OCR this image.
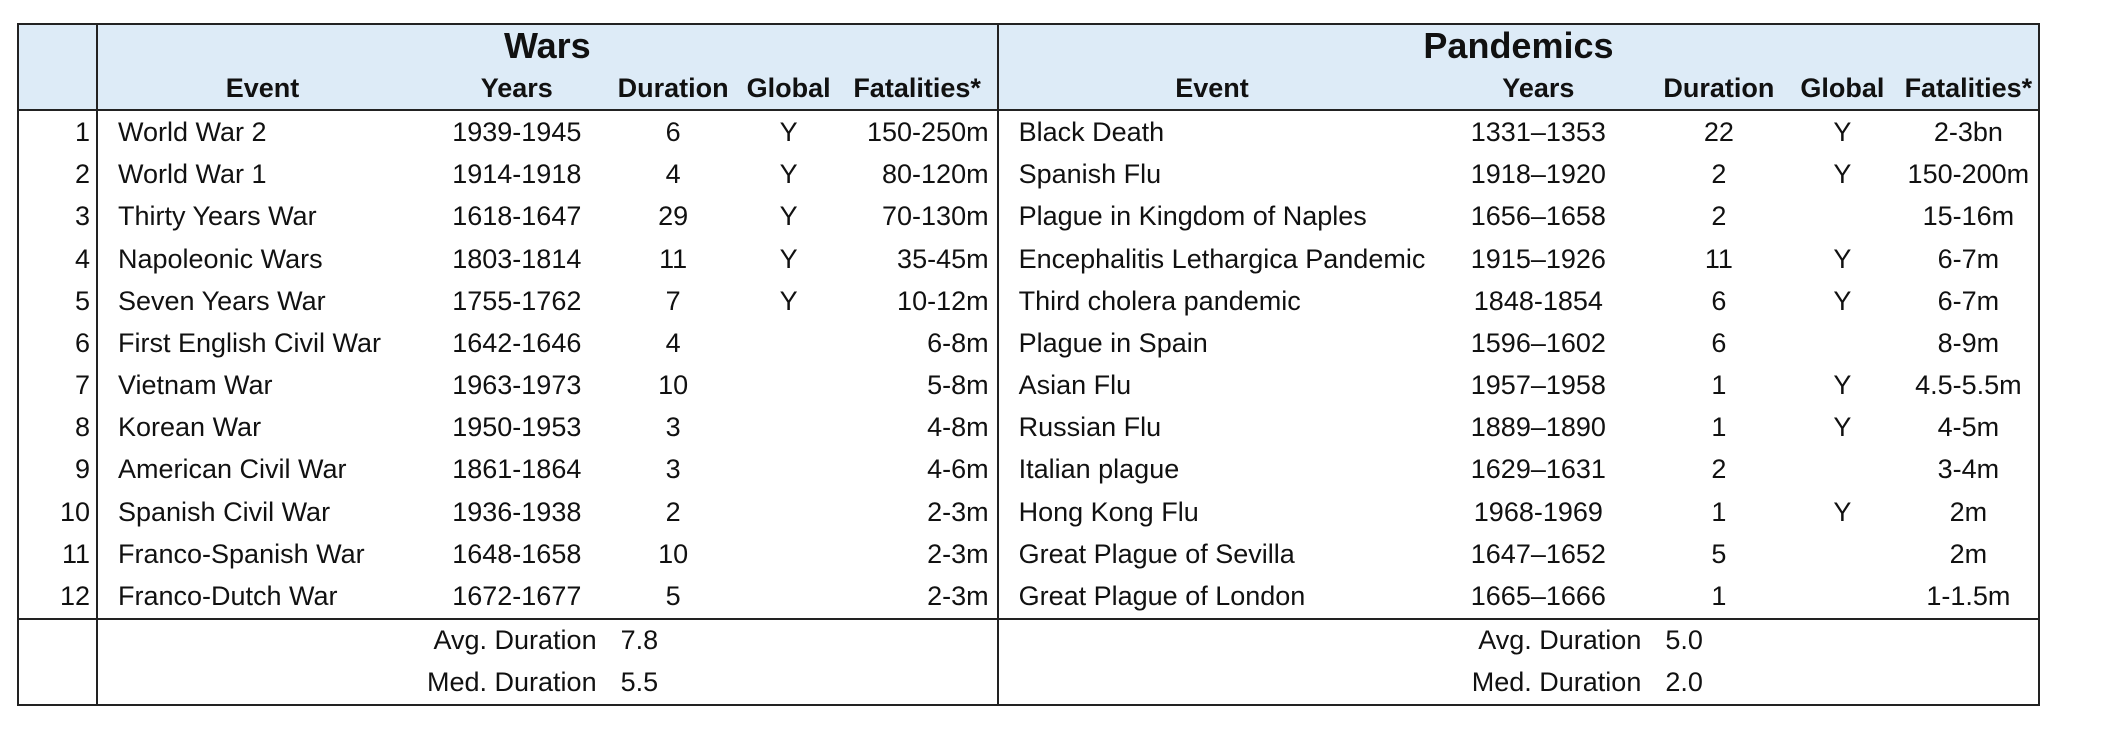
	Wars					Pandemics				
	Event	Years	Duration	Global	Fatalities*	Event	Years	Duration	Global	Fatalities*
1	World War 2	1939-1945	6	Y	150-250m	Black Death	1331–1353	22	Y	2-3bn
2	World War 1	1914-1918	4	Y	80-120m	Spanish Flu	1918–1920	2	Y	150-200m
3	Thirty Years War	1618-1647	29	Y	70-130m	Plague in Kingdom of Naples	1656–1658	2		15-16m
4	Napoleonic Wars	1803-1814	11	Y	35-45m	Encephalitis Lethargica Pandemic	1915–1926	11	Y	6-7m
5	Seven Years War	1755-1762	7	Y	10-12m	Third cholera pandemic	1848-1854	6	Y	6-7m
6	First English Civil War	1642-1646	4		6-8m	Plague in Spain	1596–1602	6		8-9m
7	Vietnam War	1963-1973	10		5-8m	Asian Flu	1957–1958	1	Y	4.5-5.5m
8	Korean War	1950-1953	3		4-8m	Russian Flu	1889–1890	1	Y	4-5m
9	American Civil War	1861-1864	3		4-6m	Italian plague	1629–1631	2		3-4m
10	Spanish Civil War	1936-1938	2		2-3m	Hong Kong Flu	1968-1969	1	Y	2m
11	Franco-Spanish War	1648-1658	10		2-3m	Great Plague of Sevilla	1647–1652	5		2m
12	Franco-Dutch War	1672-1677	5		2-3m	Great Plague of London	1665–1666	1		1-1.5m
		Avg. Duration	7.8				Avg. Duration	5.0		
		Med. Duration	5.5				Med. Duration	2.0		
